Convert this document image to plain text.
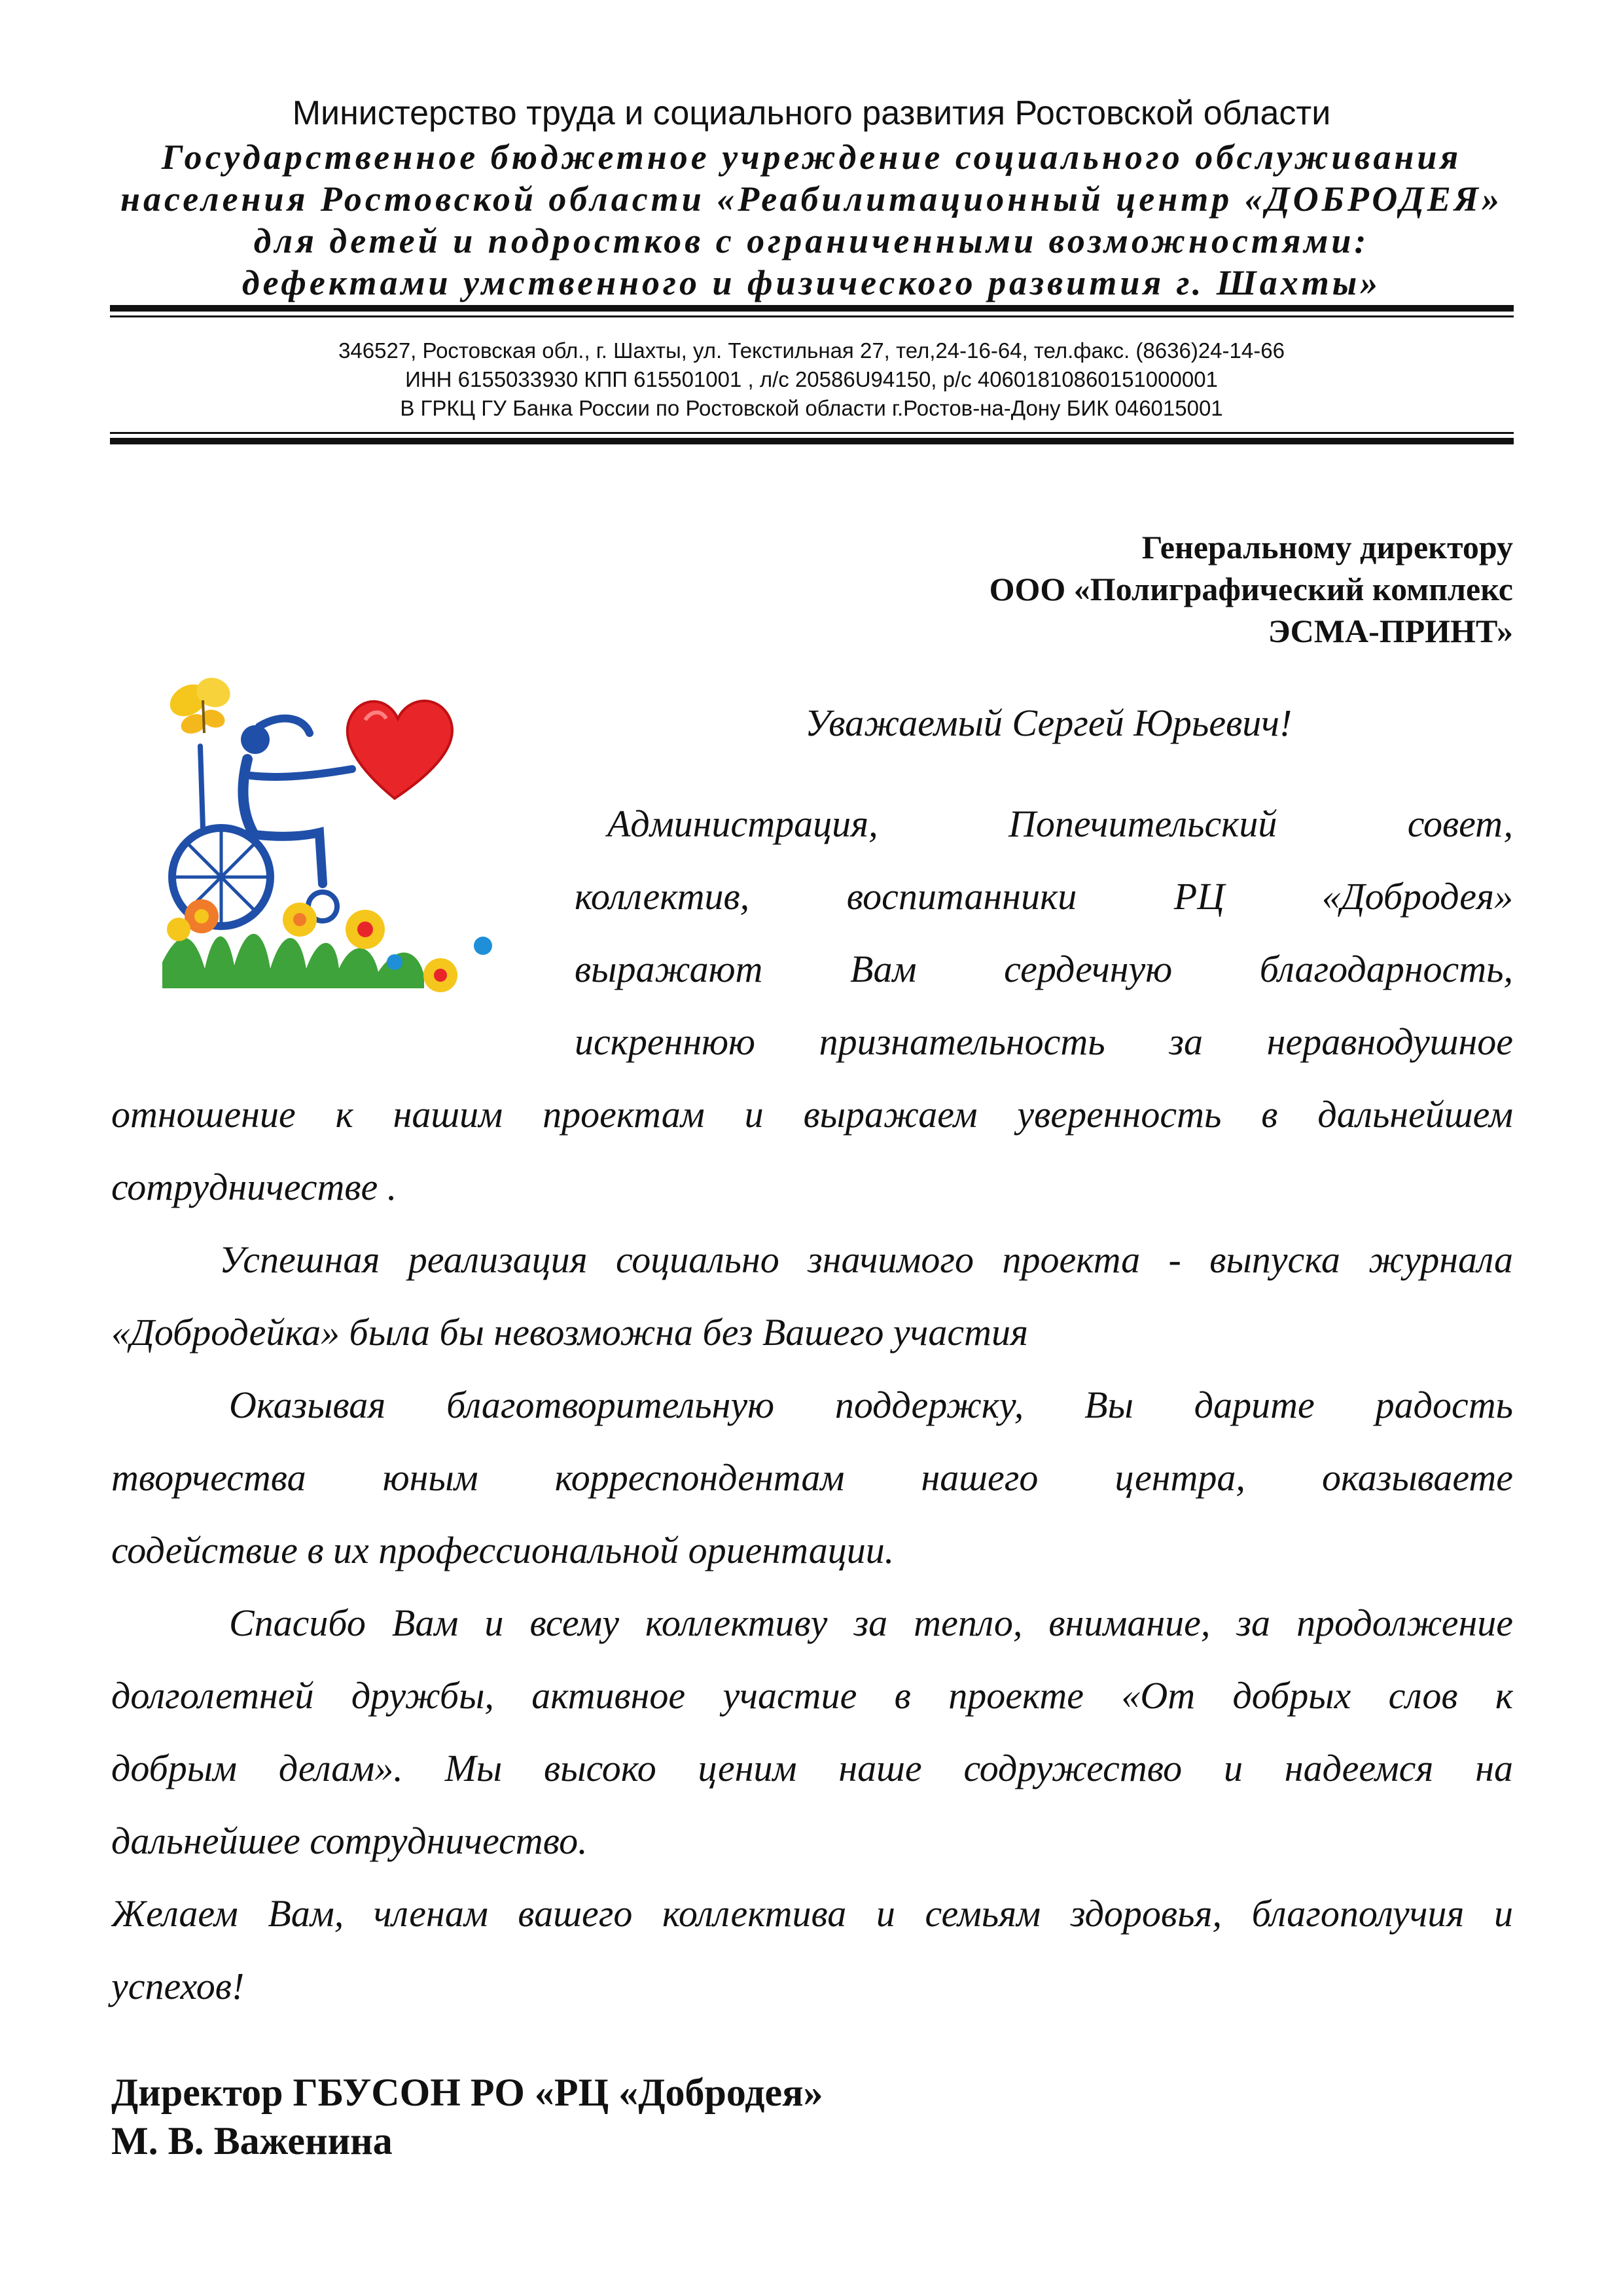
Министерство труда и социального развития Ростовской области
Государственное бюджетное учреждение социального обслуживания
населения Ростовской области «Реабилитационный центр «ДОБРОДЕЯ»
для детей и подростков с ограниченными возможностями:
дефектами умственного и физического развития г. Шахты»
346527, Ростовская обл., г. Шахты, ул. Текстильная 27, тел,24-16-64, тел.факс. (8636)24-14-66
ИНН 6155033930 КПП 615501001 , л/с 20586U94150, р/с 40601810860151000001
В ГРКЦ ГУ Банка России по Ростовской области г.Ростов-на-Дону БИК 046015001
Генеральному директору
ООО «Полиграфический комплекс
ЭСМА-ПРИНТ»
Уважаемый Сергей Юрьевич!
Администрация, Попечительский совет,
коллектив, воспитанники РЦ «Добродея»
выражают Вам сердечную благодарность,
искреннюю признательность за неравнодушное
отношение к нашим проектам и выражаем уверенность в дальнейшем
сотрудничестве .
Успешная реализация социально значимого проекта - выпуска журнала
«Добродейка» была бы невозможна без Вашего участия
Оказывая благотворительную поддержку, Вы дарите радость
творчества юным корреспондентам нашего центра, оказываете
содействие в их профессиональной ориентации.
Спасибо Вам и всему коллективу за тепло, внимание, за продолжение
долголетней дружбы, активное участие в проекте «От добрых слов к
добрым делам». Мы высоко ценим наше содружество и надеемся на
дальнейшее сотрудничество.
Желаем Вам, членам вашего коллектива и семьям здоровья, благополучия и
успехов!
Директор ГБУСОН РО «РЦ «Добродея»
М. В. Важенина
